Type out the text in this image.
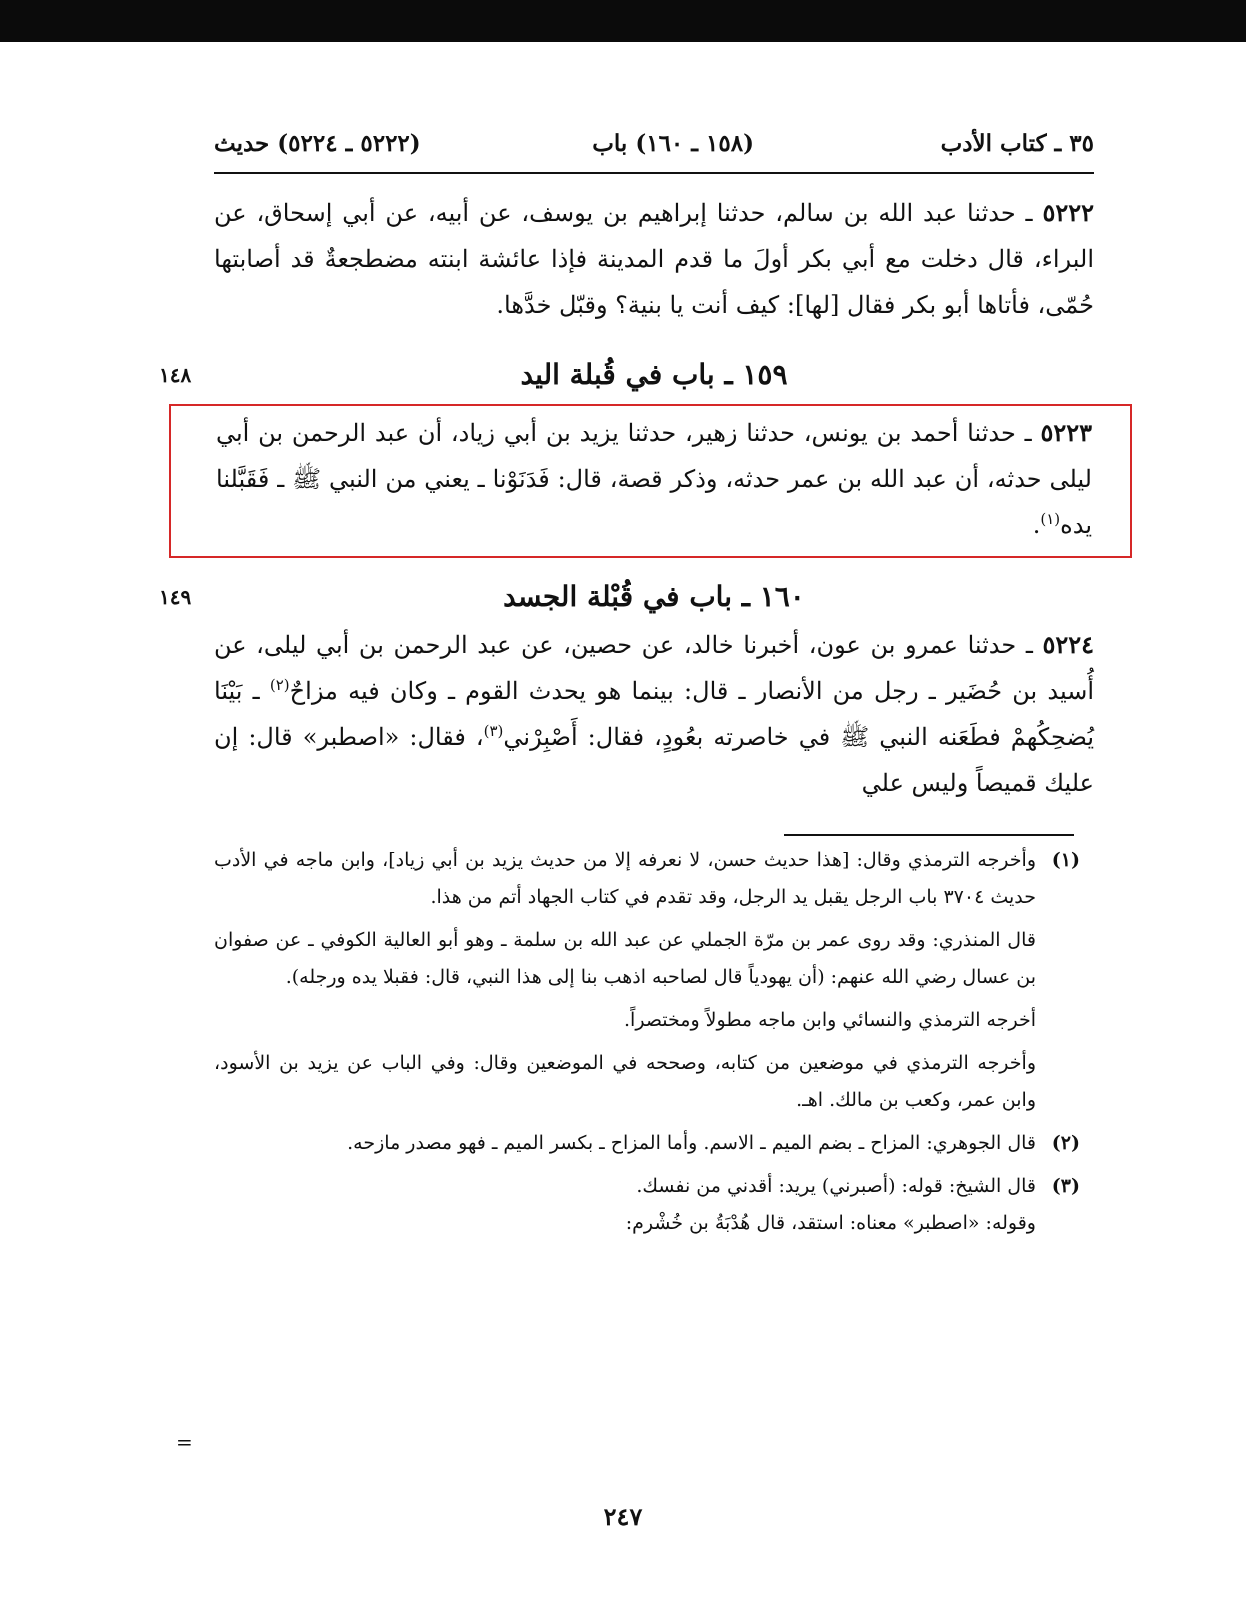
٣٥ ـ كتاب الأدب
(١٥٨ ـ ١٦٠) باب
(٥٢٢٢ ـ ٥٢٢٤) حديث

٥٢٢٢ ـ حدثنا عبد الله بن سالم، حدثنا إبراهيم بن يوسف، عن أبيه، عن أبي إسحاق، عن البراء، قال دخلت مع أبي بكر أولَ ما قدم المدينة فإذا عائشة ابنته مضطجعةٌ قد أصابتها حُمّى، فأتاها أبو بكر فقال [لها]: كيف أنت يا بنية؟ وقبّل خدَّها.

١٥٩ ـ باب في قُبلة اليد
١٤٨

٥٢٢٣ ـ حدثنا أحمد بن يونس، حدثنا زهير، حدثنا يزيد بن أبي زياد، أن عبد الرحمن بن أبي ليلى حدثه، أن عبد الله بن عمر حدثه، وذكر قصة، قال: فَدَنَوْنا ـ يعني من النبي ﷺ ـ فَقَبَّلنا يده$^{(١)}$.

١٦٠ ـ باب في قُبْلة الجسد
١٤٩

٥٢٢٤ ـ حدثنا عمرو بن عون، أخبرنا خالد، عن حصين، عن عبد الرحمن بن أبي ليلى، عن أُسيد بن حُضَير ـ رجل من الأنصار ـ قال: بينما هو يحدث القوم ـ وكان فيه مزاحٌ$^{(٢)}$ ـ بَيْنَا يُضحِكُهمْ فطَعَنه النبي ﷺ في خاصرته بعُودٍ، فقال: أَصْبِرْني$^{(٣)}$، فقال: «اصطبر» قال: إن عليك قميصاً وليس علي

(١)
وأخرجه الترمذي وقال: [هذا حديث حسن، لا نعرفه إلا من حديث يزيد بن أبي زياد]، وابن ماجه في الأدب حديث ٣٧٠٤ باب الرجل يقبل يد الرجل، وقد تقدم في كتاب الجهاد أتم من هذا.
قال المنذري: وقد روى عمر بن مرّة الجملي عن عبد الله بن سلمة ـ وهو أبو العالية الكوفي ـ عن صفوان بن عسال رضي الله عنهم: (أن يهودياً قال لصاحبه اذهب بنا إلى هذا النبي، قال: فقبلا يده ورجله).
أخرجه الترمذي والنسائي وابن ماجه مطولاً ومختصراً.
وأخرجه الترمذي في موضعين من كتابه، وصححه في الموضعين وقال: وفي الباب عن يزيد بن الأسود، وابن عمر، وكعب بن مالك. اهـ.
(٢)
قال الجوهري: المزاح ـ بضم الميم ـ الاسم. وأما المزاح ـ بكسر الميم ـ فهو مصدر مازحه.
(٣)
قال الشيخ: قوله: (أصبرني) يريد: أقدني من نفسك.
وقوله: «اصطبر» معناه: استقد، قال هُدْبَةُ بن خُشْرم:
=
٢٤٧
